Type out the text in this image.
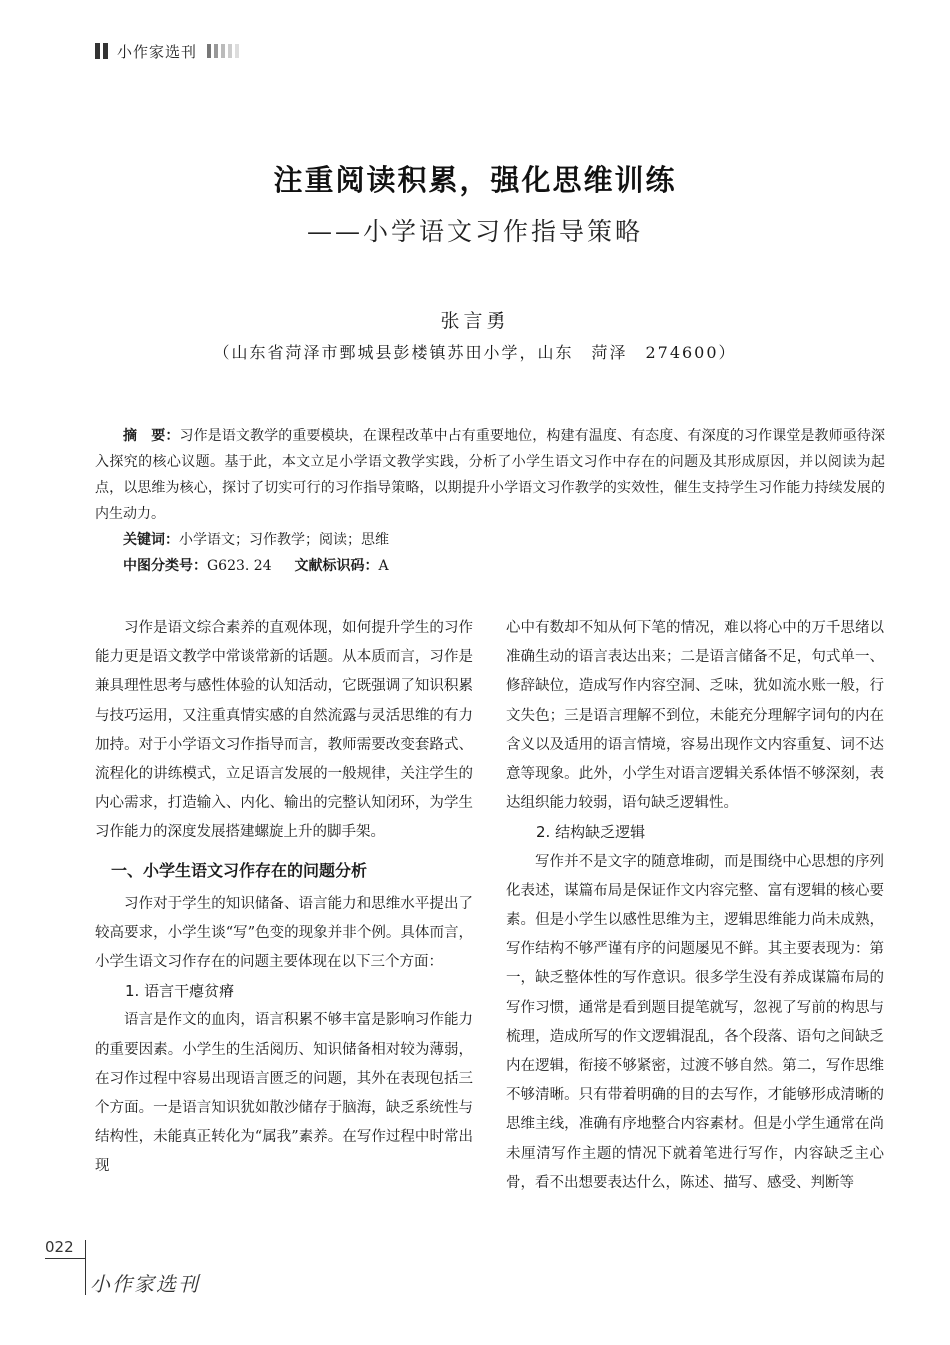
小作家选刊
注重阅读积累，强化思维训练
——小学语文习作指导策略
张言勇
（山东省菏泽市鄄城县彭楼镇苏田小学，山东　菏泽　274600）

摘　要：习作是语文教学的重要模块，在课程改革中占有重要地位，构建有温度、有态度、有深度的习作课堂是教师亟待深入探究的核心议题。基于此，本文立足小学语文教学实践，分析了小学生语文习作中存在的问题及其形成原因，并以阅读为起点，以思维为核心，探讨了切实可行的习作指导策略，以期提升小学语文习作教学的实效性，催生支持学生习作能力持续发展的内生动力。

关键词：小学语文；习作教学；阅读；思维
中图分类号：G623. 24 文献标识码：A

习作是语文综合素养的直观体现，如何提升学生的习作能力更是语文教学中常谈常新的话题。从本质而言，习作是兼具理性思考与感性体验的认知活动，它既强调了知识积累与技巧运用，又注重真情实感的自然流露与灵活思维的有力加持。对于小学语文习作指导而言，教师需要改变套路式、流程化的讲练模式，立足语言发展的一般规律，关注学生的内心需求，打造输入、内化、输出的完整认知闭环，为学生习作能力的深度发展搭建螺旋上升的脚手架。

一、小学生语文习作存在的问题分析

习作对于学生的知识储备、语言能力和思维水平提出了较高要求，小学生谈“写”色变的现象并非个例。具体而言，小学生语文习作存在的问题主要体现在以下三个方面：

1. 语言干瘪贫瘠

语言是作文的血肉，语言积累不够丰富是影响习作能力的重要因素。小学生的生活阅历、知识储备相对较为薄弱，在习作过程中容易出现语言匮乏的问题，其外在表现包括三个方面。一是语言知识犹如散沙储存于脑海，缺乏系统性与结构性，未能真正转化为“属我”素养。在写作过程中时常出现

心中有数却不知从何下笔的情况，难以将心中的万千思绪以准确生动的语言表达出来；二是语言储备不足，句式单一、修辞缺位，造成写作内容空洞、乏味，犹如流水账一般，行文失色；三是语言理解不到位，未能充分理解字词句的内在含义以及适用的语言情境，容易出现作文内容重复、词不达意等现象。此外，小学生对语言逻辑关系体悟不够深刻，表达组织能力较弱，语句缺乏逻辑性。

2. 结构缺乏逻辑

写作并不是文字的随意堆砌，而是围绕中心思想的序列化表述，谋篇布局是保证作文内容完整、富有逻辑的核心要素。但是小学生以感性思维为主，逻辑思维能力尚未成熟，写作结构不够严谨有序的问题屡见不鲜。其主要表现为：第一，缺乏整体性的写作意识。很多学生没有养成谋篇布局的写作习惯，通常是看到题目提笔就写，忽视了写前的构思与梳理，造成所写的作文逻辑混乱，各个段落、语句之间缺乏内在逻辑，衔接不够紧密，过渡不够自然。第二，写作思维不够清晰。只有带着明确的目的去写作，才能够形成清晰的思维主线，准确有序地整合内容素材。但是小学生通常在尚未厘清写作主题的情况下就着笔进行写作，内容缺乏主心骨，看不出想要表达什么，陈述、描写、感受、判断等

022
小作家选刊
